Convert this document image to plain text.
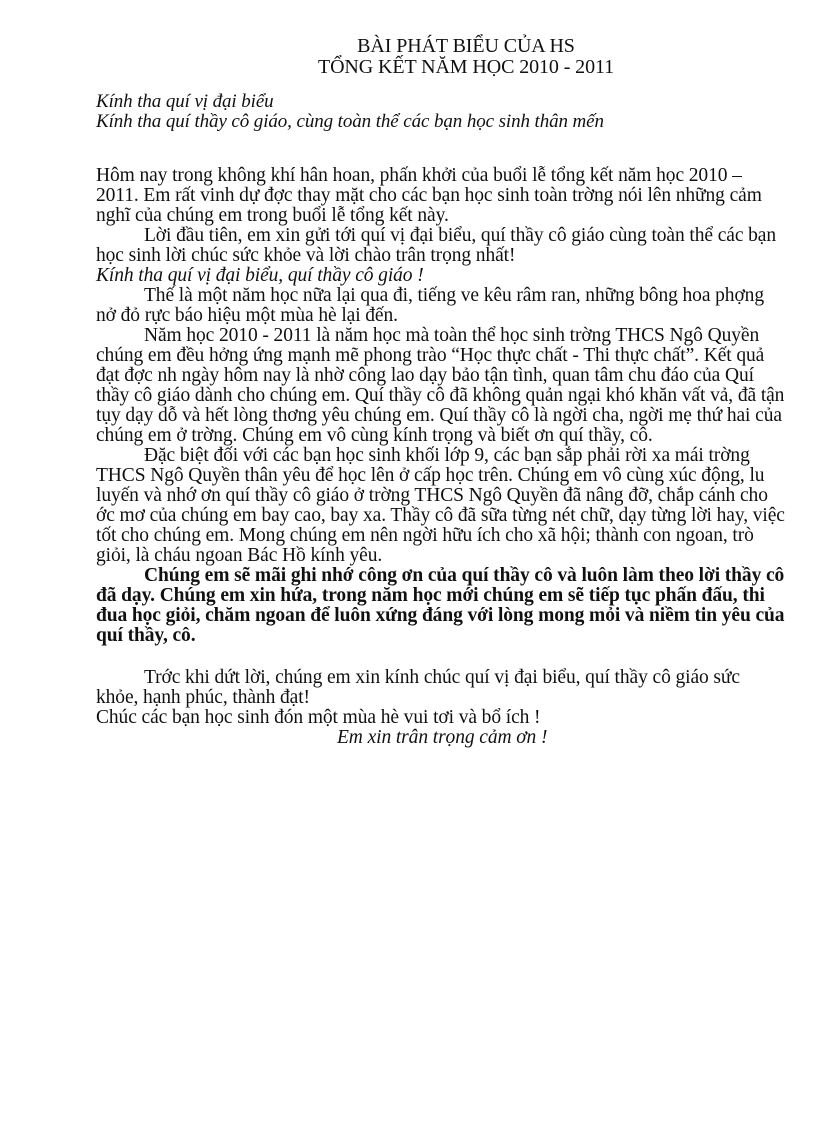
BÀI PHÁT BIỂU CỦA HS
TỔNG KẾT NĂM HỌC 2010 - 2011
Kính tha quí vị đại biểu
Kính tha quí thầy cô giáo, cùng toàn thể các bạn học sinh thân mến

Hôm nay trong không khí hân hoan, phấn khởi của buổi lễ tổng kết năm học 2010 – 2011. Em rất vinh dự đợc thay mặt cho các bạn học sinh toàn trờng nói lên những cảm nghĩ của chúng em trong buổi lễ tổng kết này.

Lời đầu tiên, em xin gửi tới quí vị đại biểu, quí thầy cô giáo cùng toàn thể các bạn học sinh lời chúc sức khỏe và lời chào trân trọng nhất!

Kính tha quí vị đại biểu, quí thầy cô giáo !

Thế là một năm học nữa lại qua đi, tiếng ve kêu râm ran, những bông hoa phợng nở đỏ rực báo hiệu một mùa hè lại đến.

Năm học 2010 - 2011 là năm học mà toàn thể học sinh trờng THCS Ngô Quyền chúng em đều hởng ứng mạnh mẽ phong trào “Học thực chất - Thi thực chất”. Kết quả đạt đợc nh ngày hôm nay là nhờ công lao dạy bảo tận tình, quan tâm chu đáo của Quí thầy cô giáo dành cho chúng em. Quí thầy cô đã không quản ngại khó khăn vất vả, đã tận tụy dạy dỗ và hết lòng thơng yêu chúng em. Quí thầy cô là ngời cha, ngời mẹ thứ hai của chúng em ở trờng. Chúng em vô cùng kính trọng và biết ơn quí thầy, cô.

Đặc biệt đối với các bạn học sinh khối lớp 9, các bạn sắp phải rời xa mái trờng THCS Ngô Quyền thân yêu để học lên ở cấp học trên. Chúng em vô cùng xúc động, lu luyến và nhớ ơn quí thầy cô giáo ở trờng THCS Ngô Quyền đã nâng đỡ, chắp cánh cho ớc mơ của chúng em bay cao, bay xa. Thầy cô đã sữa từng nét chữ, dạy từng lời hay, việc tốt cho chúng em. Mong chúng em nên ngời hữu ích cho xã hội; thành con ngoan, trò giỏi, là cháu ngoan Bác Hồ kính yêu.

Chúng em sẽ mãi ghi nhớ công ơn của quí thầy cô và luôn làm theo lời thầy cô đã dạy. Chúng em xin hứa, trong năm học mới chúng em sẽ tiếp tục phấn đấu, thi đua học giỏi, chăm ngoan để luôn xứng đáng với lòng mong mỏi và niềm tin yêu của quí thầy, cô.

Trớc khi dứt lời, chúng em xin kính chúc quí vị đại biểu, quí thầy cô giáo sức khỏe, hạnh phúc, thành đạt!

Chúc các bạn học sinh đón một mùa hè vui tơi và bổ ích !

Em xin trân trọng cảm ơn !
